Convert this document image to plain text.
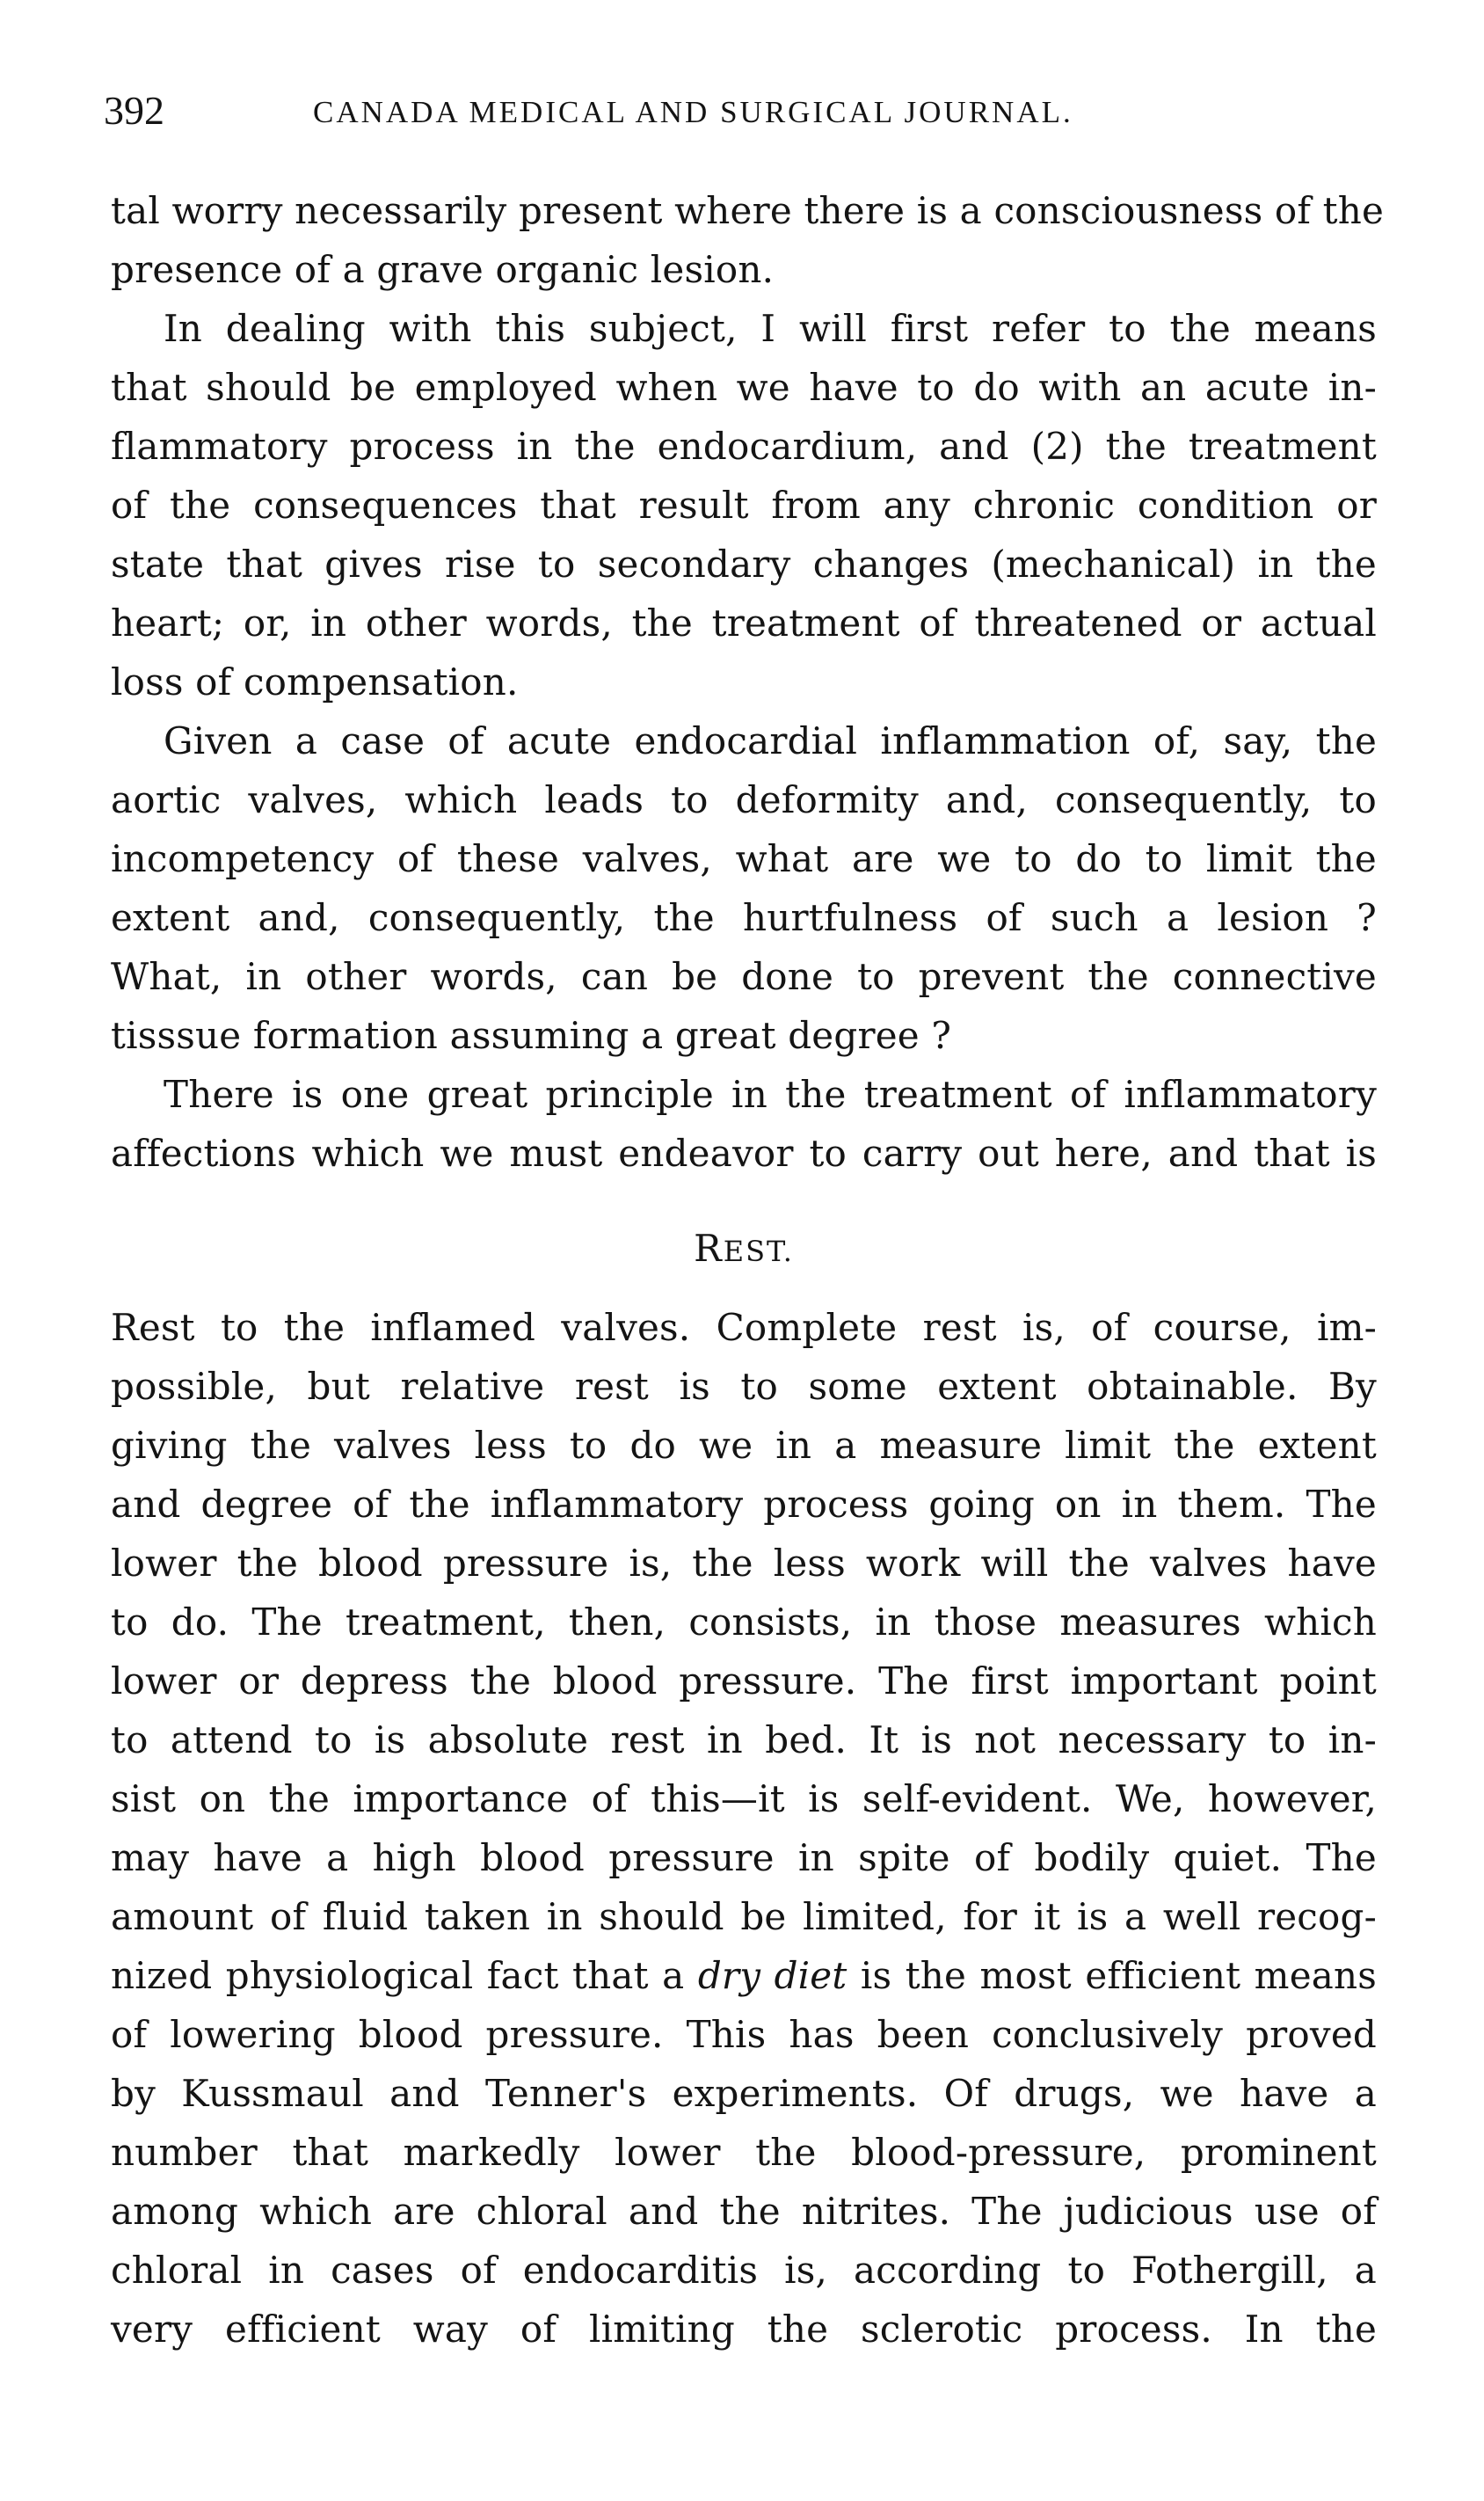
392	CANADA MEDICAL AND SURGICAL JOURNAL.
tal worry necessarily present where there is a consciousness of the
presence of a grave organic lesion.
In dealing with this subject, I will first refer to the means
that should be employed when we have to do with an acute in-
flammatory process in the endocardium, and (2) the treatment
of the consequences that result from any chronic condition or
state that gives rise to secondary changes (mechanical) in the
heart; or, in other words, the treatment of threatened or actual
loss of compensation.
Given a case of acute endocardial inflammation of, say, the
aortic valves, which leads to deformity and, consequently, to
incompetency of these valves, what are we to do to limit the
extent and, consequently, the hurtfulness of such a lesion ?
What, in other words, can be done to prevent the connective
tisssue formation assuming a great degree ?
There is one great principle in the treatment of inflammatory
affections which we must endeavor to carry out here, and that is
REST.
Rest to the inflamed valves. Complete rest is, of course, im-
possible, but relative rest is to some extent obtainable. By
giving the valves less to do we in a measure limit the extent
and degree of the inflammatory process going on in them. The
lower the blood pressure is, the less work will the valves have
to do. The treatment, then, consists, in those measures which
lower or depress the blood pressure. The first important point
to attend to is absolute rest in bed. It is not necessary to in-
sist on the importance of this—it is self-evident. We, however,
may have a high blood pressure in spite of bodily quiet. The
amount of fluid taken in should be limited, for it is a well recog-
nized physiological fact that a dry diet is the most efficient means
of lowering blood pressure. This has been conclusively proved
by Kussmaul and Tenner's experiments. Of drugs, we have a
number that markedly lower the blood-pressure, prominent
among which are chloral and the nitrites. The judicious use of
chloral in cases of endocarditis is, according to Fothergill, a
very efficient way of limiting the sclerotic process. In the
